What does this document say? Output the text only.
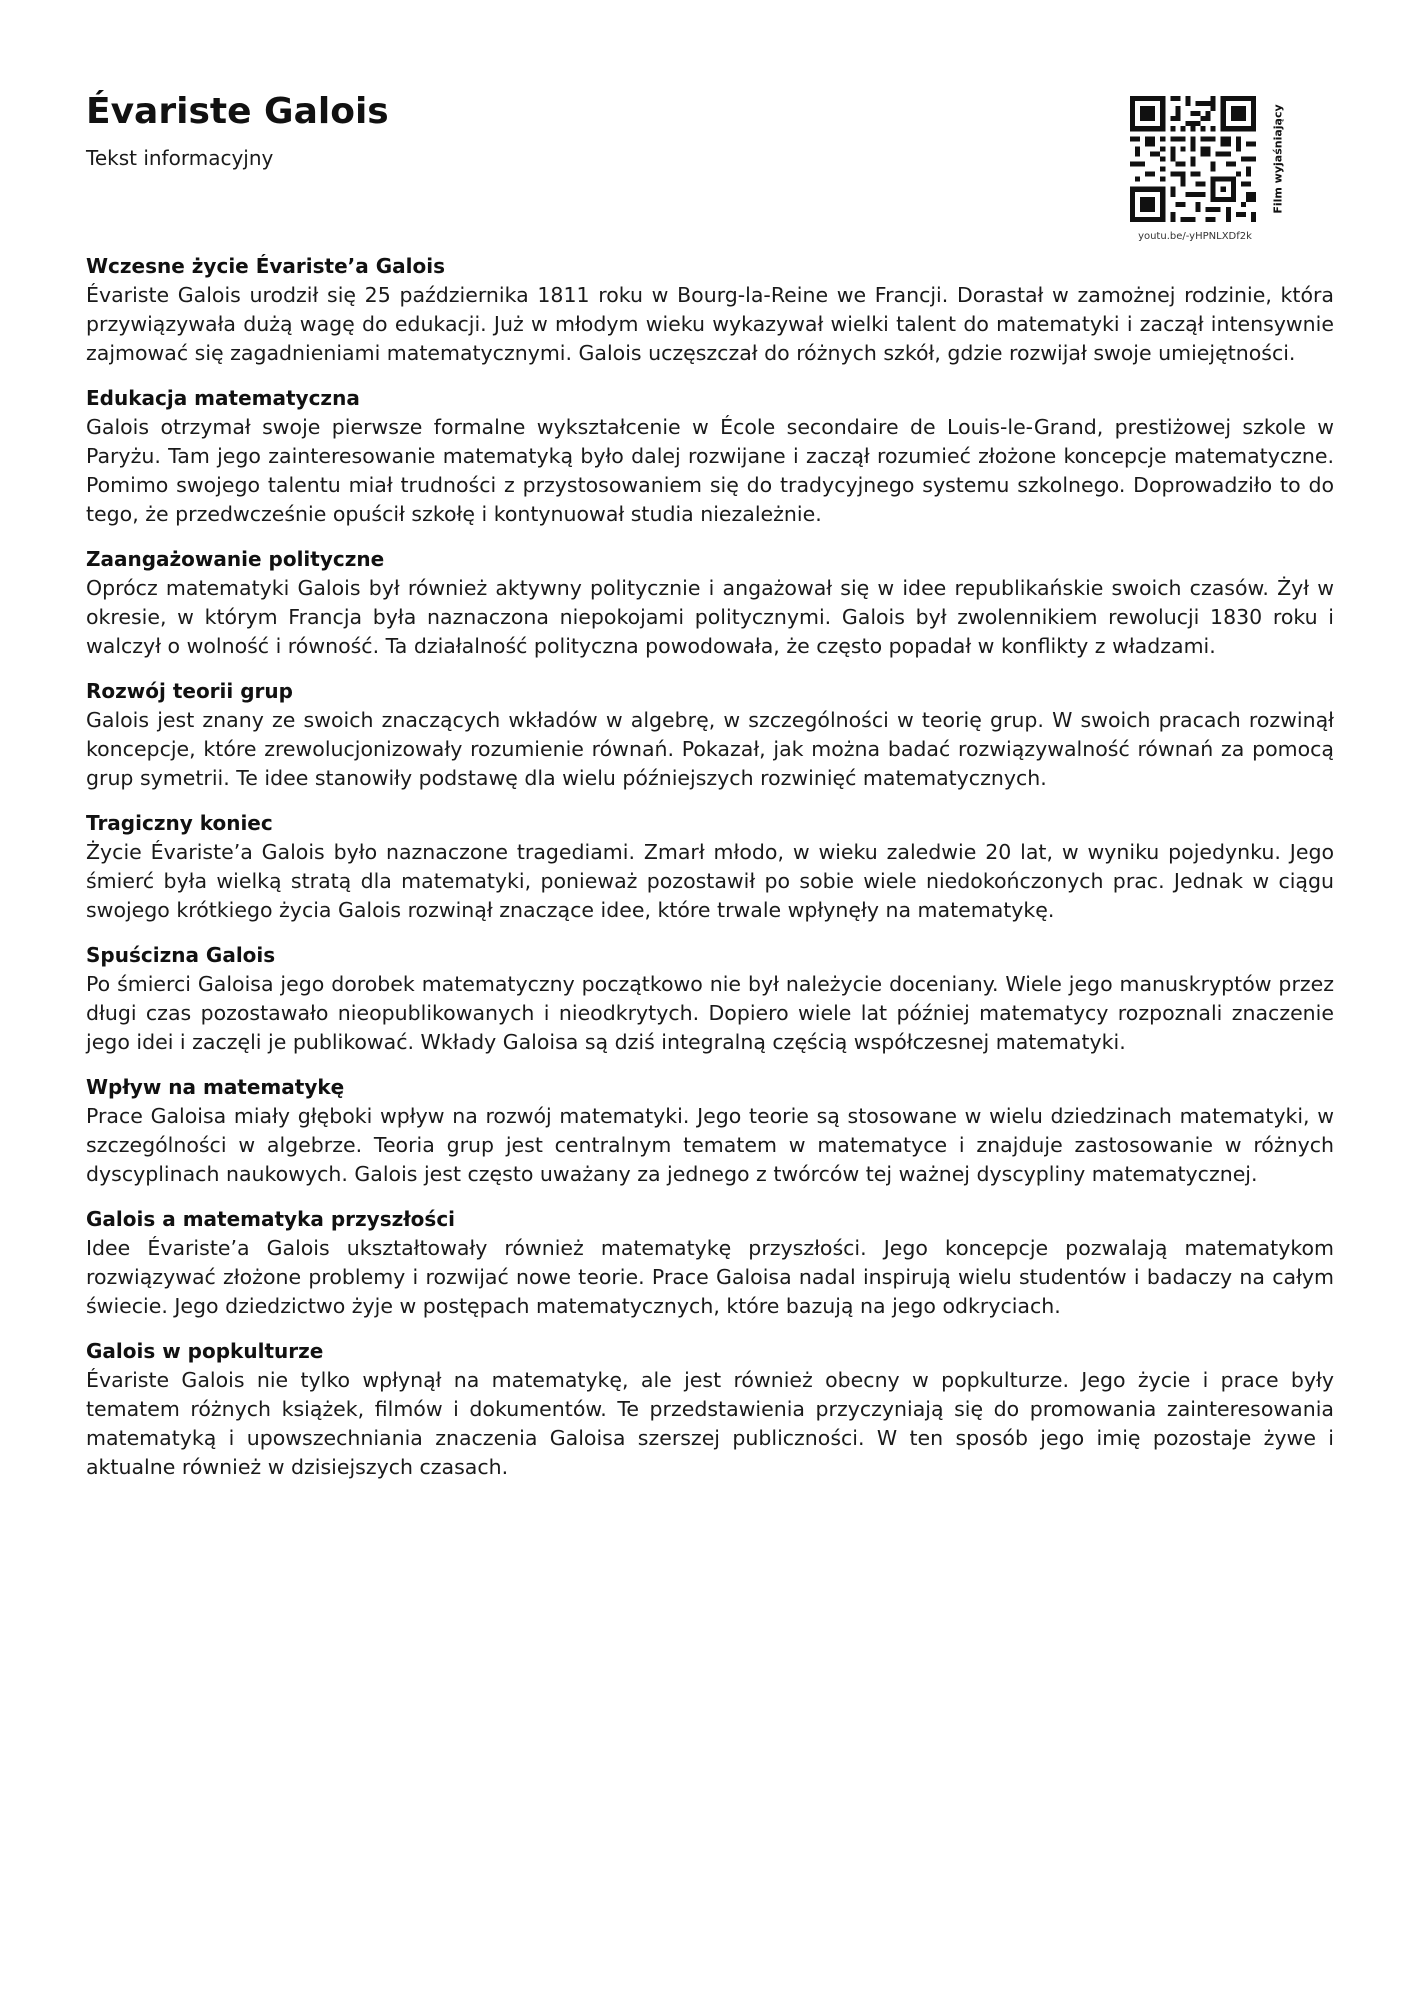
Évariste Galois
Tekst informacyjny	Film wyjaśniający
youtu.be/-yHPNLXDf2k
Wczesne życie Évariste’a Galois

Évariste Galois urodził się 25 października 1811 roku w Bourg-la-Reine we Francji. Dorastał w zamożnej rodzinie, która przywiązywała dużą wagę do edukacji. Już w młodym wieku wykazywał wielki talent do matematyki i zaczął intensywnie zajmować się zagadnieniami matematycznymi. Galois uczęszczał do różnych szkół, gdzie rozwijał swoje umiejętności.

Edukacja matematyczna

Galois otrzymał swoje pierwsze formalne wykształcenie w École secondaire de Louis-le-Grand, prestiżowej szkole w Paryżu. Tam jego zainteresowanie matematyką było dalej rozwijane i zaczął rozumieć złożone koncepcje matematyczne. Pomimo swojego talentu miał trudności z przystosowaniem się do tradycyjnego systemu szkolnego. Doprowadziło to do tego, że przedwcześnie opuścił szkołę i kontynuował studia niezależnie.

Zaangażowanie polityczne

Oprócz matematyki Galois był również aktywny politycznie i angażował się w idee republikańskie swoich czasów. Żył w okresie, w którym Francja była naznaczona niepokojami politycznymi. Galois był zwolennikiem rewolucji 1830 roku i walczył o wolność i równość. Ta działalność polityczna powodowała, że często popadał w konflikty z władzami.

Rozwój teorii grup

Galois jest znany ze swoich znaczących wkładów w algebrę, w szczególności w teorię grup. W swoich pracach rozwinął koncepcje, które zrewolucjonizowały rozumienie równań. Pokazał, jak można badać rozwiązywalność równań za pomocą grup symetrii. Te idee stanowiły podstawę dla wielu późniejszych rozwinięć matematycznych.

Tragiczny koniec

Życie Évariste’a Galois było naznaczone tragediami. Zmarł młodo, w wieku zaledwie 20 lat, w wyniku pojedynku. Jego śmierć była wielką stratą dla matematyki, ponieważ pozostawił po sobie wiele niedokończonych prac. Jednak w ciągu swojego krótkiego życia Galois rozwinął znaczące idee, które trwale wpłynęły na matematykę.

Spuścizna Galois

Po śmierci Galoisa jego dorobek matematyczny początkowo nie był należycie doceniany. Wiele jego manuskryptów przez długi czas pozostawało nieopublikowanych i nieodkrytych. Dopiero wiele lat później matematycy rozpoznali znaczenie jego idei i zaczęli je publikować. Wkłady Galoisa są dziś integralną częścią współczesnej matematyki.

Wpływ na matematykę

Prace Galoisa miały głęboki wpływ na rozwój matematyki. Jego teorie są stosowane w wielu dziedzinach matematyki, w szczególności w algebrze. Teoria grup jest centralnym tematem w matematyce i znajduje zastosowanie w różnych dyscyplinach naukowych. Galois jest często uważany za jednego z twórców tej ważnej dyscypliny matematycznej.

Galois a matematyka przyszłości

Idee Évariste’a Galois ukształtowały również matematykę przyszłości. Jego koncepcje pozwalają matematykom rozwiązywać złożone problemy i rozwijać nowe teorie. Prace Galoisa nadal inspirują wielu studentów i badaczy na całym świecie. Jego dziedzictwo żyje w postępach matematycznych, które bazują na jego odkryciach.

Galois w popkulturze

Évariste Galois nie tylko wpłynął na matematykę, ale jest również obecny w popkulturze. Jego życie i prace były tematem różnych książek, filmów i dokumentów. Te przedstawienia przyczyniają się do promowania zainteresowania matematyką i upowszechniania znaczenia Galoisa szerszej publiczności. W ten sposób jego imię pozostaje żywe i aktualne również w dzisiejszych czasach.
